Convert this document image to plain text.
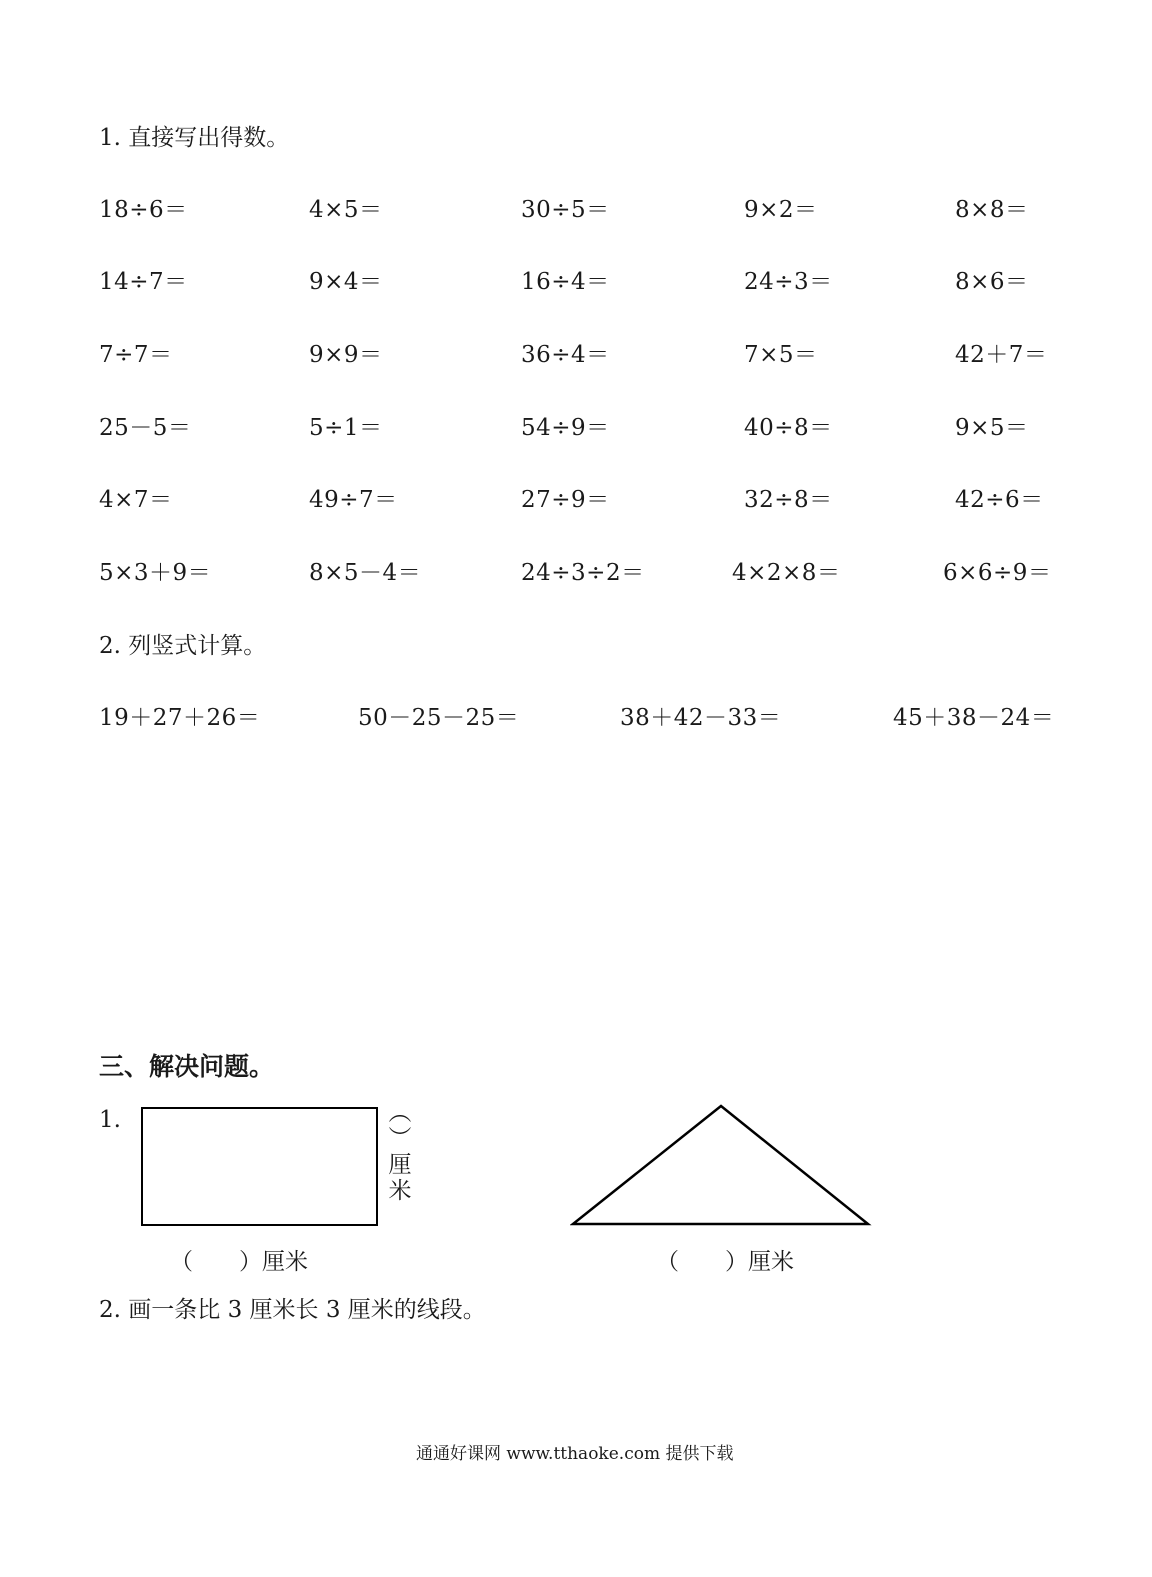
1. 直接写出得数。
18÷6＝	4×5＝	30÷5＝	9×2＝	8×8＝
14÷7＝	9×4＝	16÷4＝	24÷3＝	8×6＝
7÷7＝	9×9＝	36÷4＝	7×5＝	42＋7＝
25－5＝	5÷1＝	54÷9＝	40÷8＝	9×5＝
4×7＝	49÷7＝	27÷9＝	32÷8＝	42÷6＝
5×3＋9＝	8×5－4＝	24÷3÷2＝	4×2×8＝	6×6÷9＝
2. 列竖式计算。
19＋27＋26＝	50－25－25＝	38＋42－33＝	45＋38－24＝
三、解决问题。
1.	︵
︶
厘
米
（　　）厘米	（　　）厘米
2. 画一条比 3 厘米长 3 厘米的线段。
通通好课网 www.tthaoke.com 提供下载
